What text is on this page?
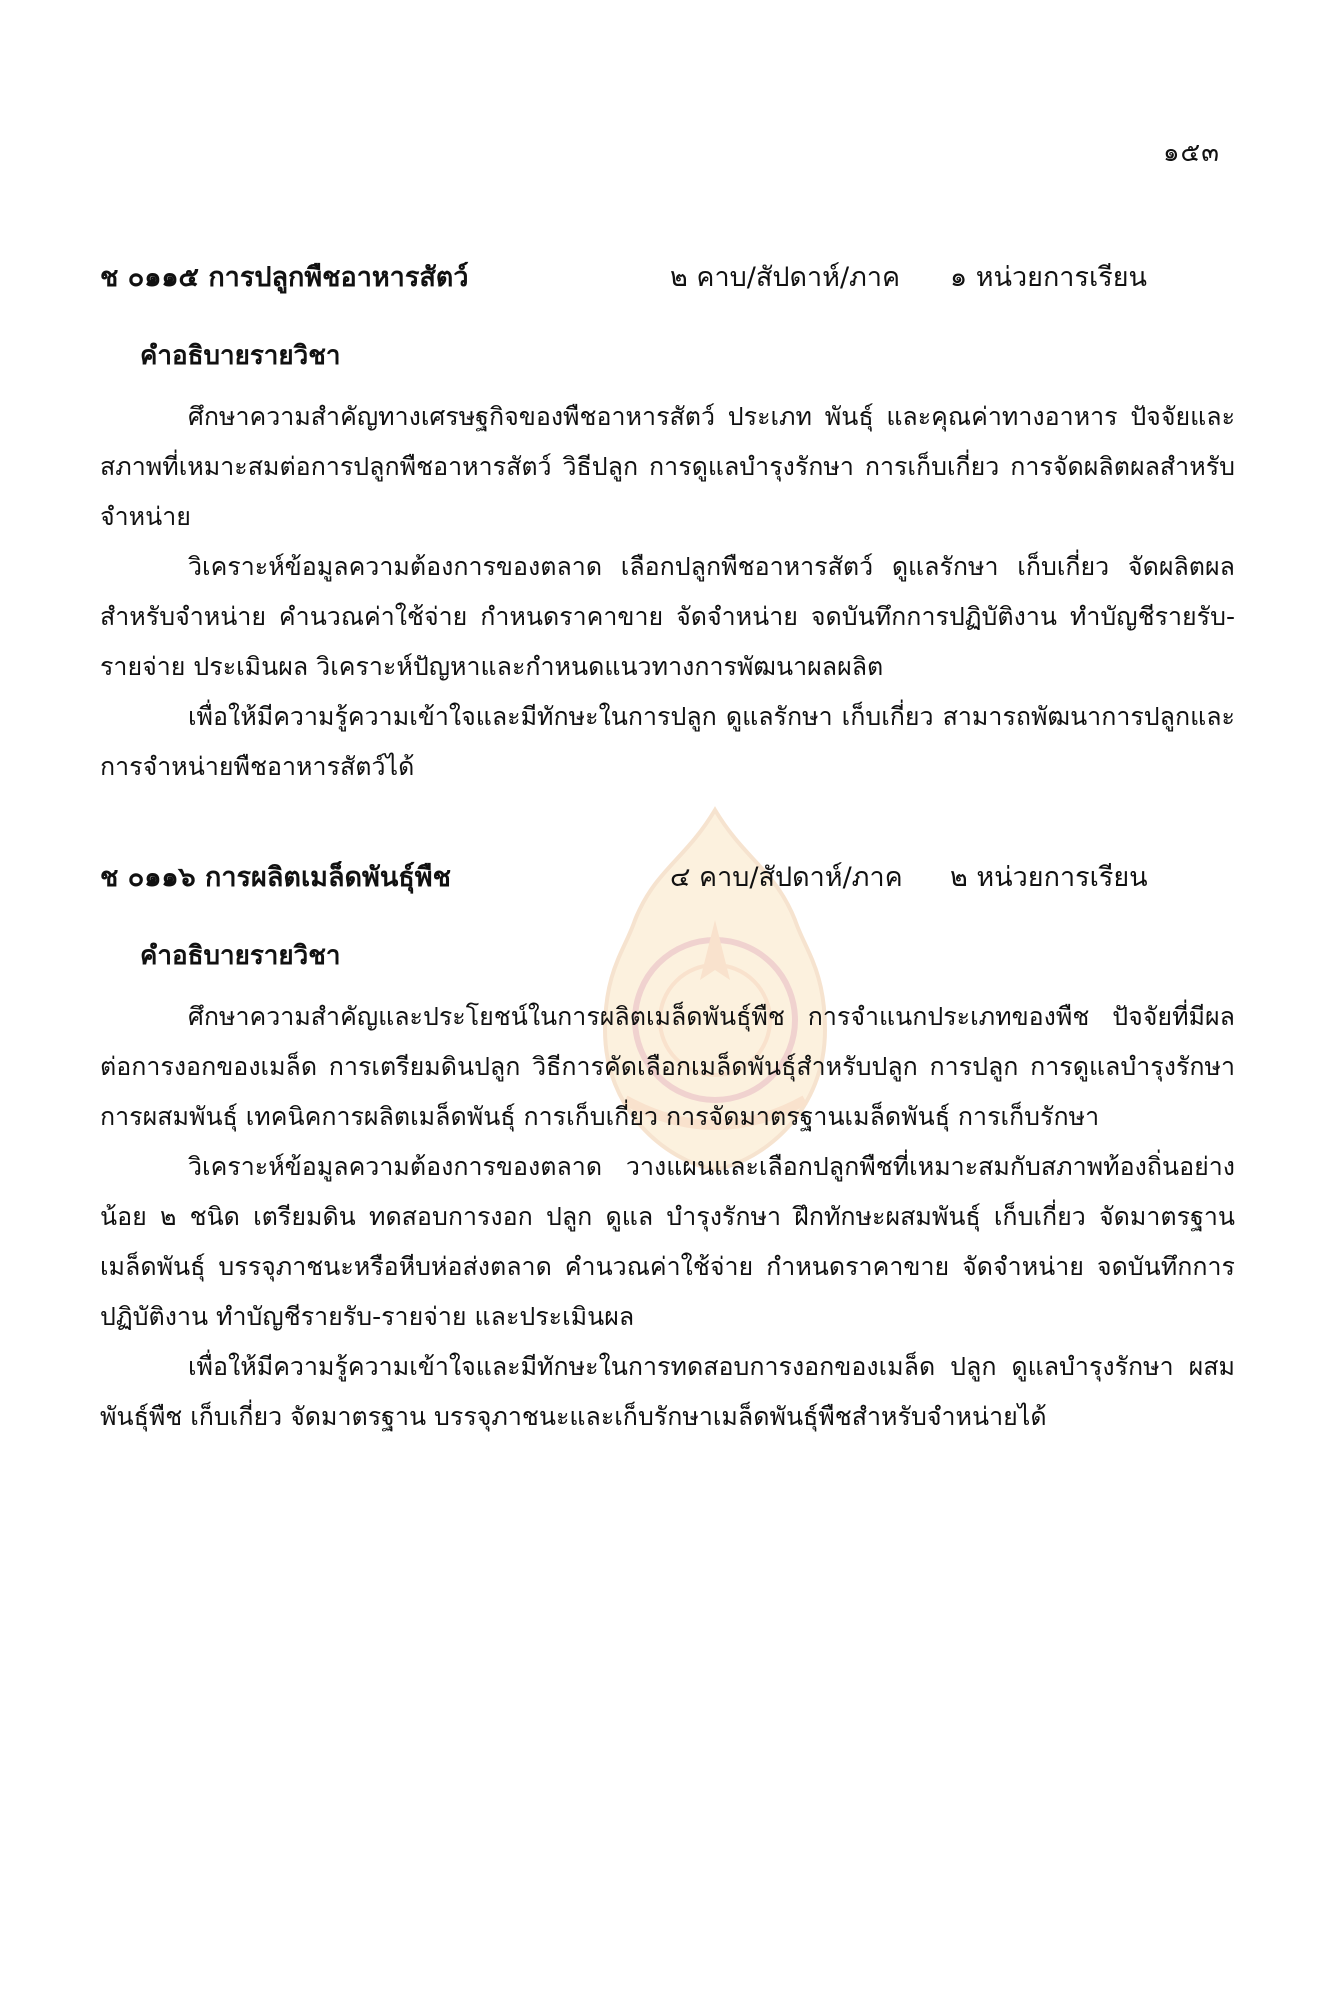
๑๕๓
ช ๐๑๑๕ การปลูกพืชอาหารสัตว์	๒ คาบ/สัปดาห์/ภาค ๑ หน่วยการเรียน
คำอธิบายรายวิชา

ศึกษาความสำคัญทางเศรษฐกิจของพืชอาหารสัตว์ ประเภท พันธุ์ และคุณค่าทางอาหาร ปัจจัยและสภาพที่เหมาะสมต่อการปลูกพืชอาหารสัตว์ วิธีปลูก การดูแลบำรุงรักษา การเก็บเกี่ยว การจัดผลิตผลสำหรับจำหน่าย

วิเคราะห์ข้อมูลความต้องการของตลาด เลือกปลูกพืชอาหารสัตว์ ดูแลรักษา เก็บเกี่ยว จัดผลิตผลสำหรับจำหน่าย คำนวณค่าใช้จ่าย กำหนดราคาขาย จัดจำหน่าย จดบันทึกการปฏิบัติงาน ทำบัญชีรายรับ-รายจ่าย ประเมินผล วิเคราะห์ปัญหาและกำหนดแนวทางการพัฒนาผลผลิต

เพื่อให้มีความรู้ความเข้าใจและมีทักษะในการปลูก ดูแลรักษา เก็บเกี่ยว สามารถพัฒนาการปลูกและการจำหน่ายพืชอาหารสัตว์ได้

ช ๐๑๑๖ การผลิตเมล็ดพันธุ์พืช	๔ คาบ/สัปดาห์/ภาค ๒ หน่วยการเรียน
คำอธิบายรายวิชา

ศึกษาความสำคัญและประโยชน์ในการผลิตเมล็ดพันธุ์พืช การจำแนกประเภทของพืช ปัจจัยที่มีผลต่อการงอกของเมล็ด การเตรียมดินปลูก วิธีการคัดเลือกเมล็ดพันธุ์สำหรับปลูก การปลูก การดูแลบำรุงรักษา การผสมพันธุ์ เทคนิคการผลิตเมล็ดพันธุ์ การเก็บเกี่ยว การจัดมาตรฐานเมล็ดพันธุ์ การเก็บรักษา

วิเคราะห์ข้อมูลความต้องการของตลาด วางแผนและเลือกปลูกพืชที่เหมาะสมกับสภาพท้องถิ่นอย่างน้อย ๒ ชนิด เตรียมดิน ทดสอบการงอก ปลูก ดูแล บำรุงรักษา ฝึกทักษะผสมพันธุ์ เก็บเกี่ยว จัดมาตรฐานเมล็ดพันธุ์ บรรจุภาชนะหรือหีบห่อส่งตลาด คำนวณค่าใช้จ่าย กำหนดราคาขาย จัดจำหน่าย จดบันทึกการปฏิบัติงาน ทำบัญชีรายรับ-รายจ่าย และประเมินผล

เพื่อให้มีความรู้ความเข้าใจและมีทักษะในการทดสอบการงอกของเมล็ด ปลูก ดูแลบำรุงรักษา ผสมพันธุ์พืช เก็บเกี่ยว จัดมาตรฐาน บรรจุภาชนะและเก็บรักษาเมล็ดพันธุ์พืชสำหรับจำหน่ายได้
